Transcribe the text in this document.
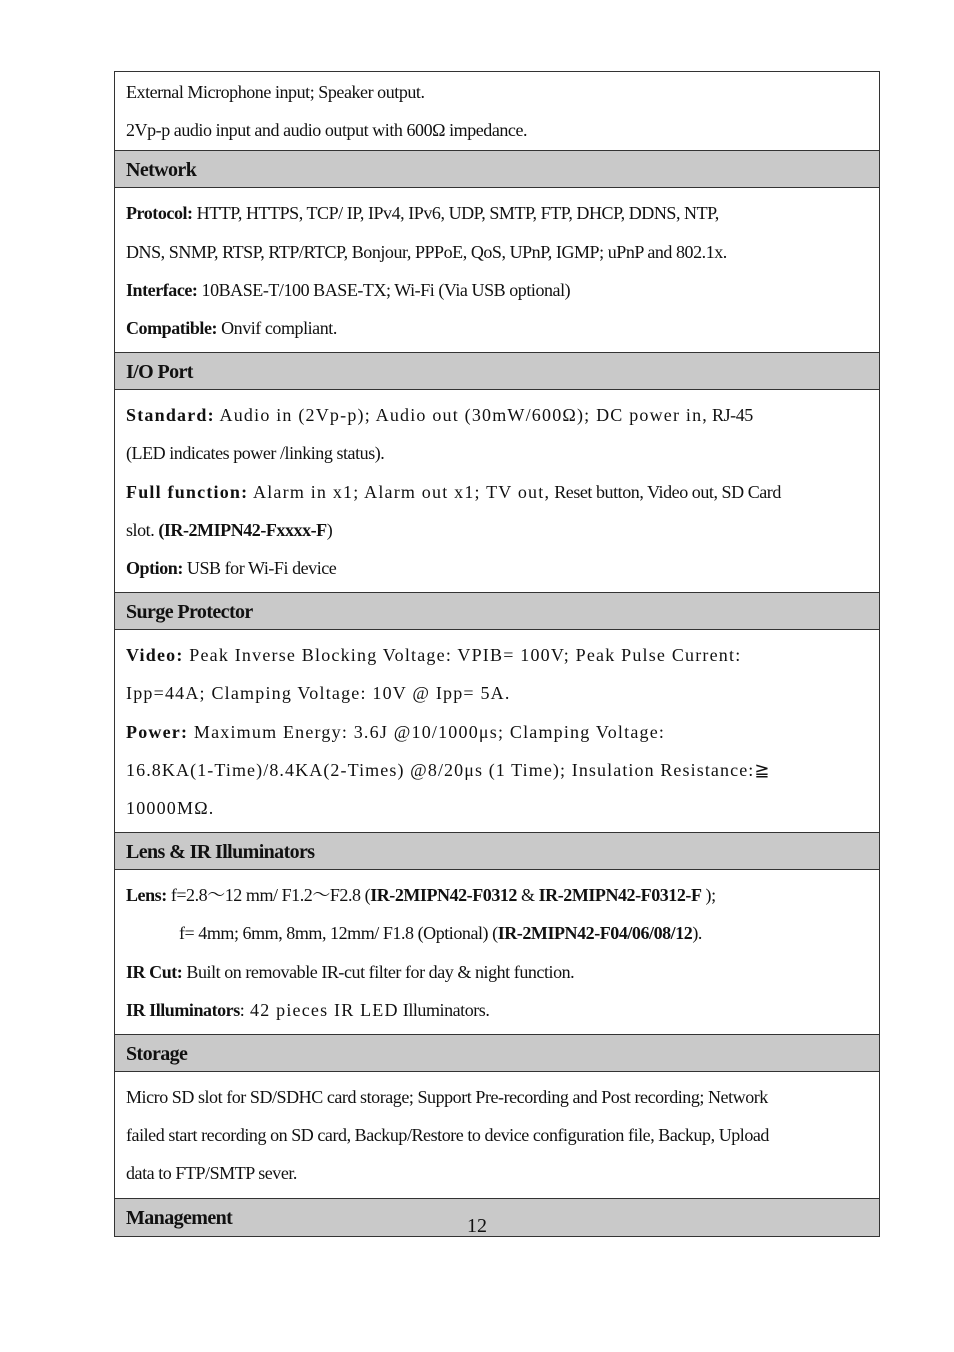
External Microphone input; Speaker output.
2Vp-p audio input and audio output with 600Ω impedance.
Network
Protocol: HTTP, HTTPS, TCP/ IP, IPv4, IPv6, UDP, SMTP, FTP, DHCP, DDNS, NTP,
DNS, SNMP, RTSP, RTP/RTCP, Bonjour, PPPoE, QoS, UPnP, IGMP; uPnP and 802.1x.
Interface: 10BASE-T/100 BASE-TX; Wi-Fi (Via USB optional)
Compatible: Onvif compliant.
I/O Port
Standard: Audio in (2Vp-p); Audio out (30mW/600Ω); DC power in, RJ-45
(LED indicates power /linking status).
Full function: Alarm in x1; Alarm out x1; TV out, Reset button, Video out, SD Card
slot. (IR-2MIPN42-Fxxxx-F)
Option: USB for Wi-Fi device
Surge Protector
Video: Peak Inverse Blocking Voltage: VPIB= 100V; Peak Pulse Current:
Ipp=44A; Clamping Voltage: 10V @ Ipp= 5A.
Power: Maximum Energy: 3.6J @10/1000μs; Clamping Voltage:
16.8KA(1-Time)/8.4KA(2-Times) @8/20μs (1 Time); Insulation Resistance:≧
10000MΩ.
Lens & IR Illuminators
Lens: f=2.8～12 mm/ F1.2～F2.8 (IR-2MIPN42-F0312 & IR-2MIPN42-F0312-F );
f= 4mm; 6mm, 8mm, 12mm/ F1.8 (Optional) (IR-2MIPN42-F04/06/08/12).
IR Cut: Built on removable IR-cut filter for day & night function.
IR Illuminators: 42 pieces IR LED Illuminators.
Storage
Micro SD slot for SD/SDHC card storage; Support Pre-recording and Post recording; Network
failed start recording on SD card, Backup/Restore to device configuration file, Backup, Upload
data to FTP/SMTP sever.
Management	12
